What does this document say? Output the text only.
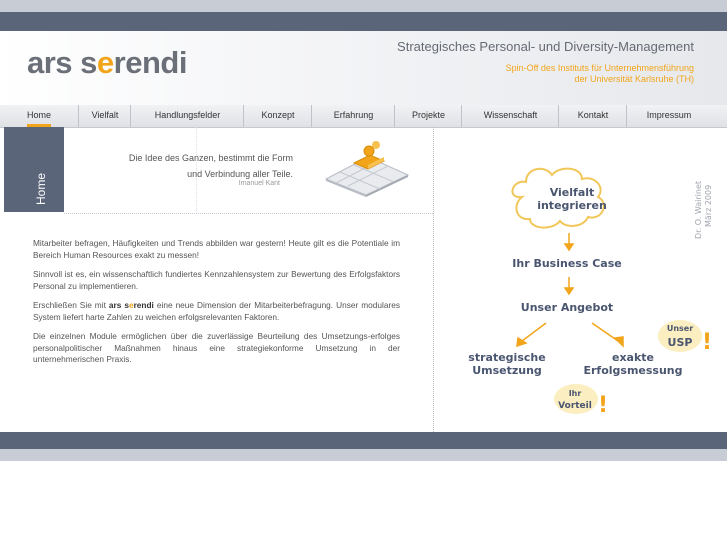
ars serendi	Strategisches Personal- und Diversity-Management
Spin-Off des Instituts für Unternehmensführung
der Universität Karlsruhe (TH)
Home	Vielfalt	Handlungsfelder	Konzept	Erfahrung	Projekte	Wissenschaft	Kontakt	Impressum
Home
Die Idee des Ganzen, bestimmt die Form
und Verbindung aller Teile.
Imanuel Kant

Mitarbeiter befragen, Häufigkeiten und Trends abbilden war gestern! Heute gilt es die Potentiale im Bereich Human Resources exakt zu messen!

Sinnvoll ist es, ein wissenschaftlich fundiertes Kennzahlensystem zur Bewertung des Erfolgsfaktors Personal zu implementieren.

Erschließen Sie mit ars serendi eine neue Dimension der Mitarbeiterbefragung. Unser modulares System liefert harte Zahlen zu weichen erfolgsrelevanten Faktoren.

Die einzelnen Module ermöglichen über die zuverlässige Beurteilung des Umsetzungs-erfolges personalpolitischer Maßnahmen hinaus eine strategiekonforme Umsetzung in der unternehmerischen Praxis.

Vielfalt
integrieren
Ihr Business Case
Unser Angebot
strategische
Umsetzung
exakte
Erfolgsmessung
Unser
USP !
Ihr
Vorteil !
Dr. O. Wairinet März 2009
